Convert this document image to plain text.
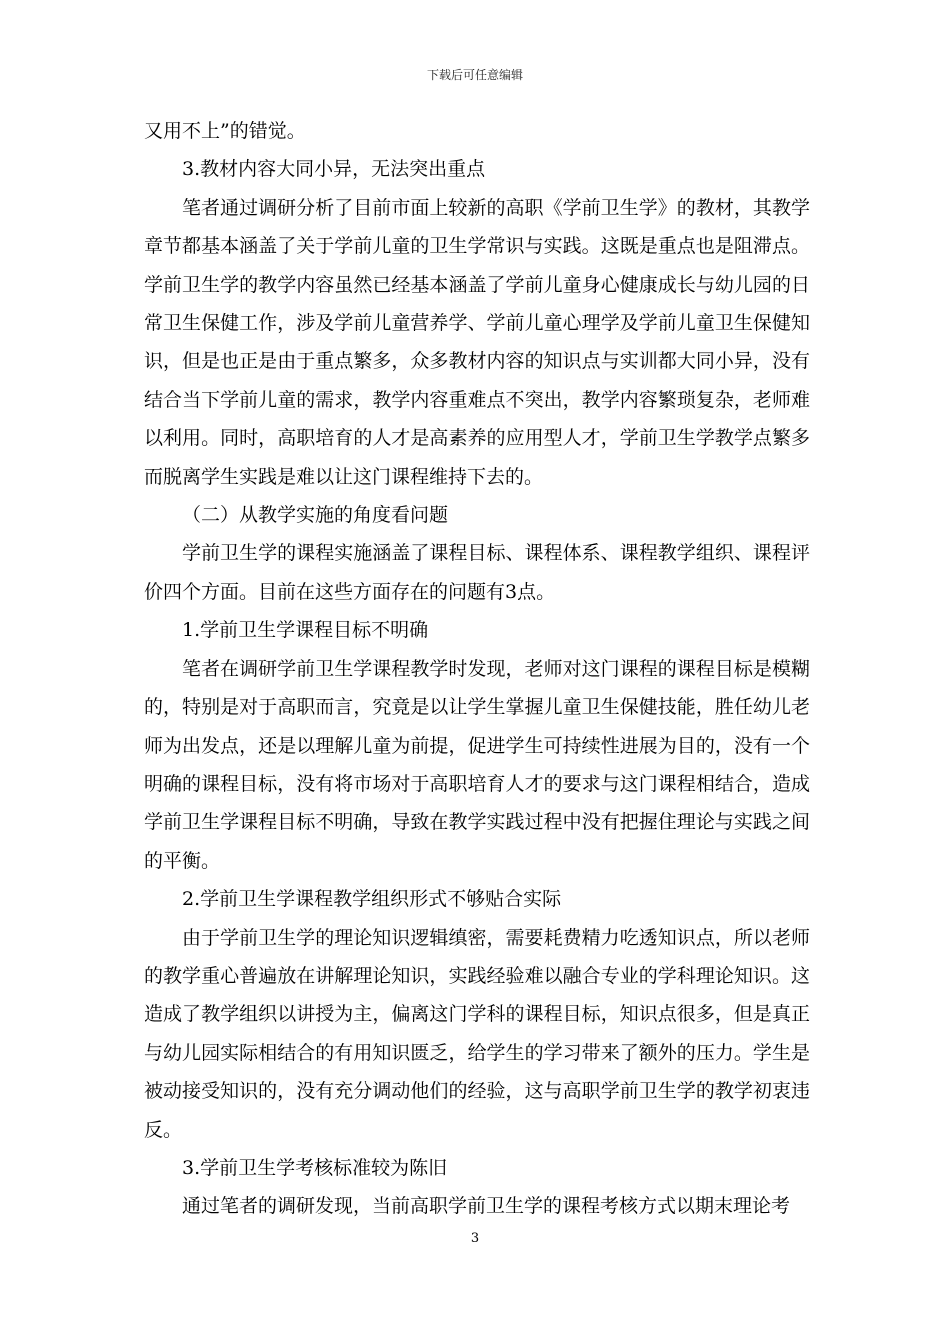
下载后可任意编辑

又用不上”的错觉。

3.教材内容大同小异，无法突出重点

笔者通过调研分析了目前市面上较新的高职《学前卫生学》的教材，其教学章节都基本涵盖了关于学前儿童的卫生学常识与实践。这既是重点也是阻滞点。学前卫生学的教学内容虽然已经基本涵盖了学前儿童身心健康成长与幼儿园的日常卫生保健工作，涉及学前儿童营养学、学前儿童心理学及学前儿童卫生保健知识，但是也正是由于重点繁多，众多教材内容的知识点与实训都大同小异，没有结合当下学前儿童的需求，教学内容重难点不突出，教学内容繁琐复杂，老师难以利用。同时，高职培育的人才是高素养的应用型人才，学前卫生学教学点繁多而脱离学生实践是难以让这门课程维持下去的。

（二）从教学实施的角度看问题

学前卫生学的课程实施涵盖了课程目标、课程体系、课程教学组织、课程评价四个方面。目前在这些方面存在的问题有3点。

1.学前卫生学课程目标不明确

笔者在调研学前卫生学课程教学时发现，老师对这门课程的课程目标是模糊的，特别是对于高职而言，究竟是以让学生掌握儿童卫生保健技能，胜任幼儿老师为出发点，还是以理解儿童为前提，促进学生可持续性进展为目的，没有一个明确的课程目标，没有将市场对于高职培育人才的要求与这门课程相结合，造成学前卫生学课程目标不明确，导致在教学实践过程中没有把握住理论与实践之间的平衡。

2.学前卫生学课程教学组织形式不够贴合实际

由于学前卫生学的理论知识逻辑缜密，需要耗费精力吃透知识点，所以老师的教学重心普遍放在讲解理论知识，实践经验难以融合专业的学科理论知识。这造成了教学组织以讲授为主，偏离这门学科的课程目标，知识点很多，但是真正与幼儿园实际相结合的有用知识匮乏，给学生的学习带来了额外的压力。学生是被动接受知识的，没有充分调动他们的经验，这与高职学前卫生学的教学初衷违反。

3.学前卫生学考核标准较为陈旧

通过笔者的调研发现，当前高职学前卫生学的课程考核方式以期末理论考

3
